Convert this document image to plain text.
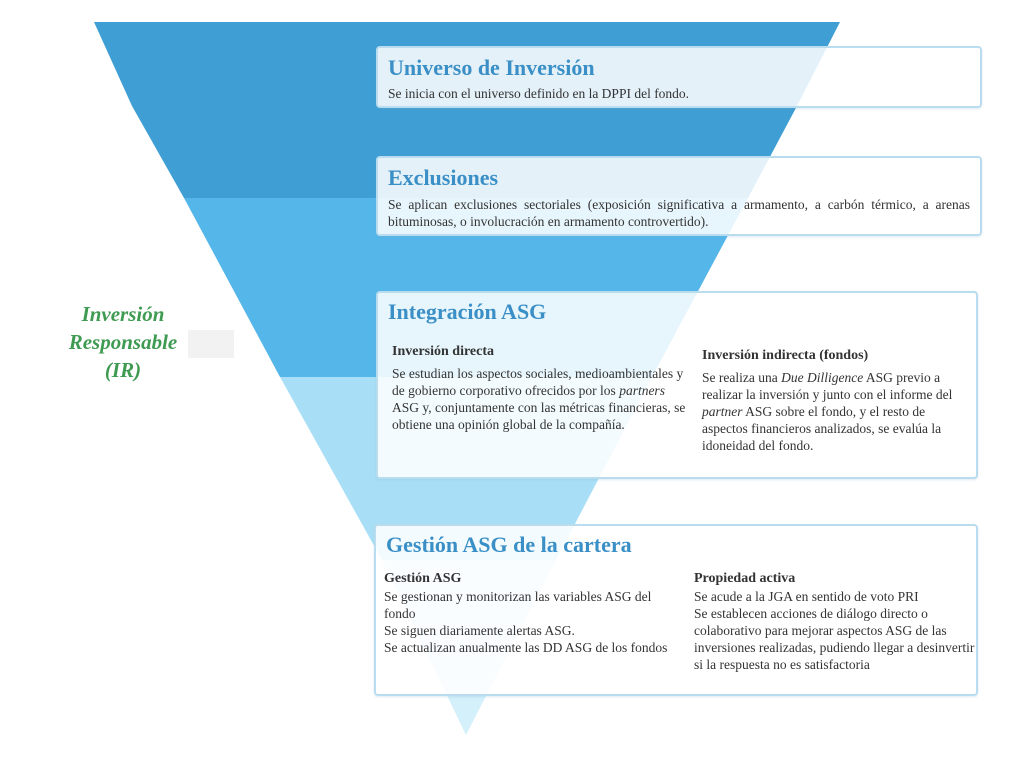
Inversión
Responsable
(IR)
Universo de Inversión
Se inicia con el universo definido en la DPPI del fondo.
Exclusiones
Se aplican exclusiones sectoriales (exposición significativa a armamento, a carbón térmico, a arenas bituminosas, o involucración en armamento controvertido).
Integración ASG
Inversión directa
Se estudian los aspectos sociales, medioambientales y de gobierno corporativo ofrecidos por los partners ASG y, conjuntamente con las métricas financieras, se obtiene una opinión global de la compañía.
Inversión indirecta (fondos)
Se realiza una Due Dilligence ASG previo a realizar la inversión y junto con el informe del partner ASG sobre el fondo, y el resto de aspectos financieros analizados, se evalúa la idoneidad del fondo.
Gestión ASG de la cartera
Gestión ASG
Se gestionan y monitorizan las variables ASG del fondo
Se siguen diariamente alertas ASG.
Se actualizan anualmente las DD ASG de los fondos
Propiedad activa
Se acude a la JGA en sentido de voto PRI
Se establecen acciones de diálogo directo o colaborativo para mejorar aspectos ASG de las inversiones realizadas, pudiendo llegar a desinvertir si la respuesta no es satisfactoria
